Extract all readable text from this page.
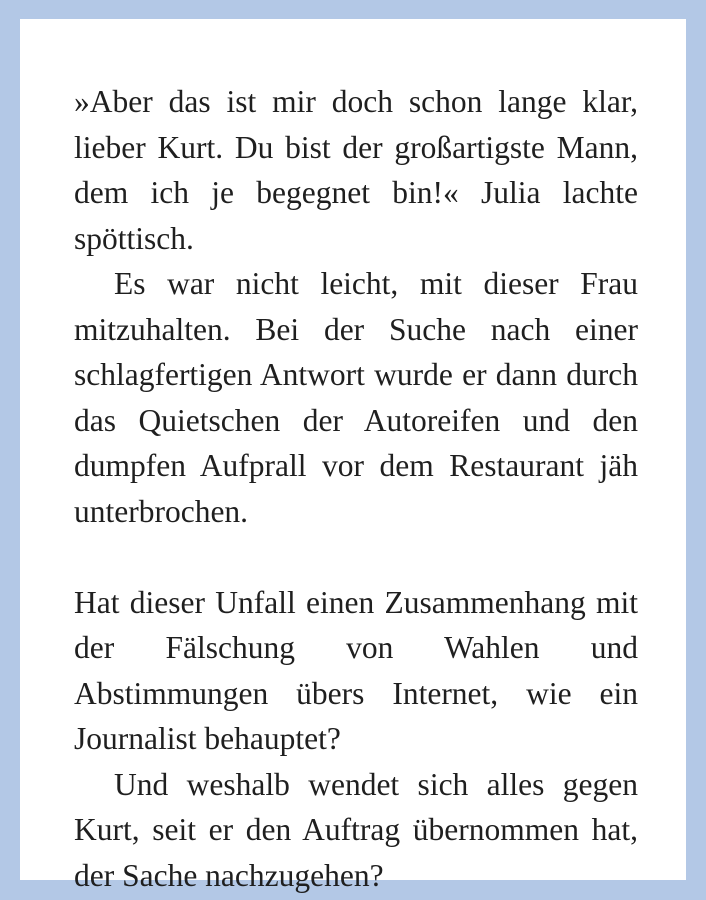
»Aber das ist mir doch schon lange klar, lieber Kurt. Du bist der großartigste Mann, dem ich je begegnet bin!« Julia lachte spöttisch.

Es war nicht leicht, mit dieser Frau mitzuhalten. Bei der Suche nach einer schlagfertigen Antwort wurde er dann durch das Quietschen der Autoreifen und den dumpfen Aufprall vor dem Restaurant jäh unterbrochen.

Hat dieser Unfall einen Zusammenhang mit der Fälschung von Wahlen und Abstimmungen übers Internet, wie ein Journalist behauptet?

Und weshalb wendet sich alles gegen Kurt, seit er den Auftrag übernommen hat, der Sache nachzugehen?
